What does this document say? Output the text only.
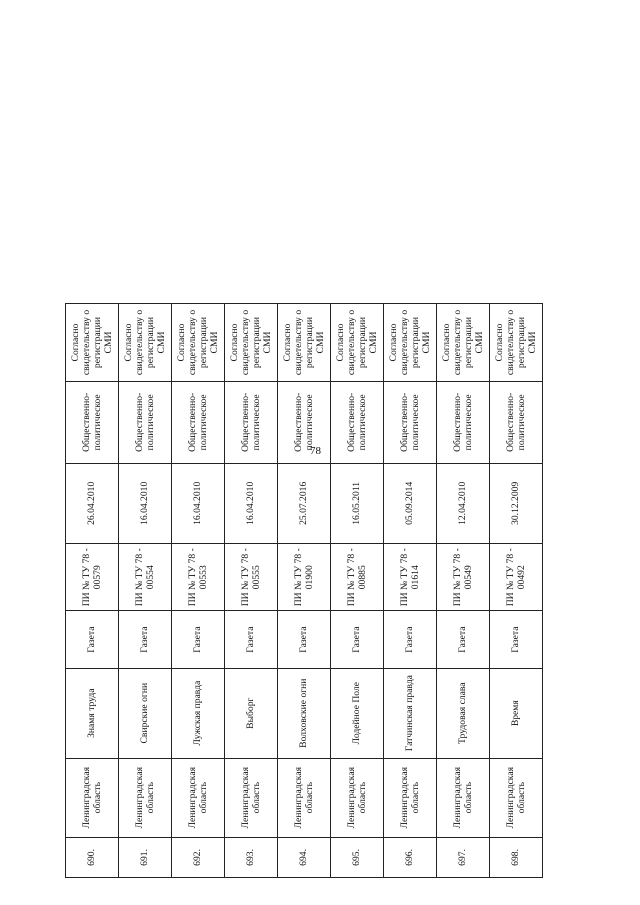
78
690.	Ленинградская область	Знамя труда	Газета	ПИ № ТУ 78 - 00579	26.04.2010	Общественно-политическое	Согласно свидетельству о регистрации СМИ
691.	Ленинградская область	Свирские огни	Газета	ПИ № ТУ 78 - 00554	16.04.2010	Общественно-политическое	Согласно свидетельству о регистрации СМИ
692.	Ленинградская область	Лужская правда	Газета	ПИ № ТУ 78 - 00553	16.04.2010	Общественно-политическое	Согласно свидетельству о регистрации СМИ
693.	Ленинградская область	Выборг	Газета	ПИ № ТУ 78 - 00555	16.04.2010	Общественно-политическое	Согласно свидетельству о регистрации СМИ
694.	Ленинградская область	Волховские огни	Газета	ПИ № ТУ 78 - 01900	25.07.2016	Общественно-политическое	Согласно свидетельству о регистрации СМИ
695.	Ленинградская область	Лодейное Поле	Газета	ПИ № ТУ 78 - 00885	16.05.2011	Общественно-политическое	Согласно свидетельству о регистрации СМИ
696.	Ленинградская область	Гатчинская правда	Газета	ПИ № ТУ 78 - 01614	05.09.2014	Общественно-политическое	Согласно свидетельству о регистрации СМИ
697.	Ленинградская область	Трудовая слава	Газета	ПИ № ТУ 78 - 00549	12.04.2010	Общественно-политическое	Согласно свидетельству о регистрации СМИ
698.	Ленинградская область	Время	Газета	ПИ № ТУ 78 - 00492	30.12.2009	Общественно-политическое	Согласно свидетельству о регистрации СМИ
